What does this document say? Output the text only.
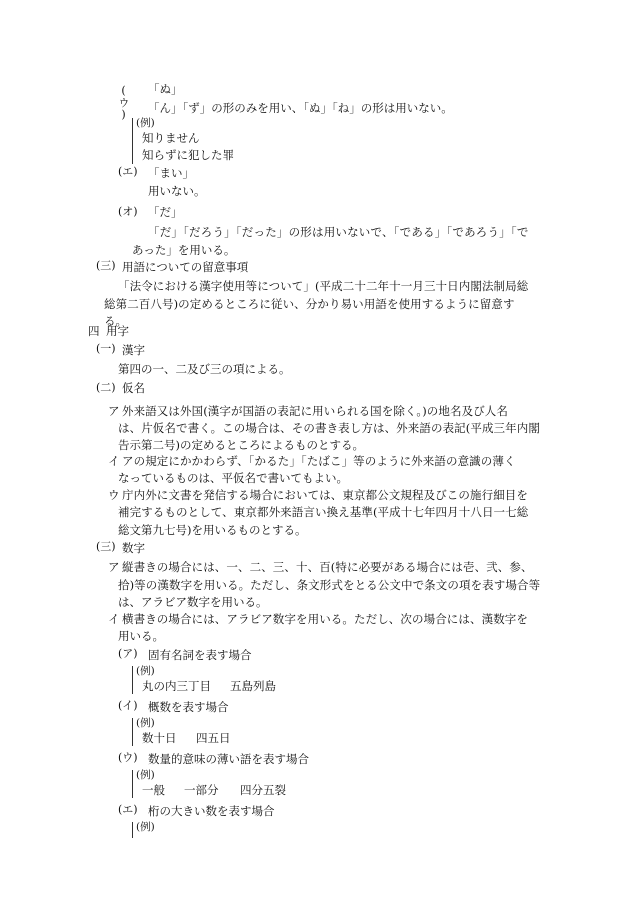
(ウ) 「ぬ」
「ん」「ず」の形のみを用い、「ぬ」「ね」の形は用いない。
(例)
知りません
知らずに犯した罪
(エ) 「まい」
用いない。
(オ) 「だ」
「だ」「だろう」「だった」の形は用いないで、「である」「であろう」「で
あった」を用いる。
(三) 用語についての留意事項
「法令における漢字使用等について」(平成二十二年十一月三十日内閣法制局総
総第二百八号)の定めるところに従い、分かり易い用語を使用するように留意す
る。
四 用字
(一) 漢字
第四の一、二及び三の項による。
(二) 仮名
ア 外来語又は外国(漢字が国語の表記に用いられる国を除く。)の地名及び人名
は、片仮名で書く。この場合は、その書き表し方は、外来語の表記(平成三年内閣
告示第二号)の定めるところによるものとする。
イ アの規定にかかわらず、「かるた」「たばこ」等のように外来語の意識の薄く
なっているものは、平仮名で書いてもよい。
ウ 庁内外に文書を発信する場合においては、東京都公文規程及びこの施行細目を
補完するものとして、東京都外来語言い換え基準(平成十七年四月十八日一七総
総文第九七号)を用いるものとする。
(三) 数字
ア 縦書きの場合には、一、二、三、十、百(特に必要がある場合には壱、弐、参、
拾)等の漢数字を用いる。ただし、条文形式をとる公文中で条文の項を表す場合等
は、アラビア数字を用いる。
イ 横書きの場合には、アラビア数字を用いる。ただし、次の場合には、漢数字を
用いる。
(ア) 固有名詞を表す場合
(例)
丸の内三丁目 五島列島
(イ) 概数を表す場合
(例)
数十日 四五日
(ウ) 数量的意味の薄い語を表す場合
(例)
一般 一部分 四分五裂
(エ) 桁の大きい数を表す場合
(例)
